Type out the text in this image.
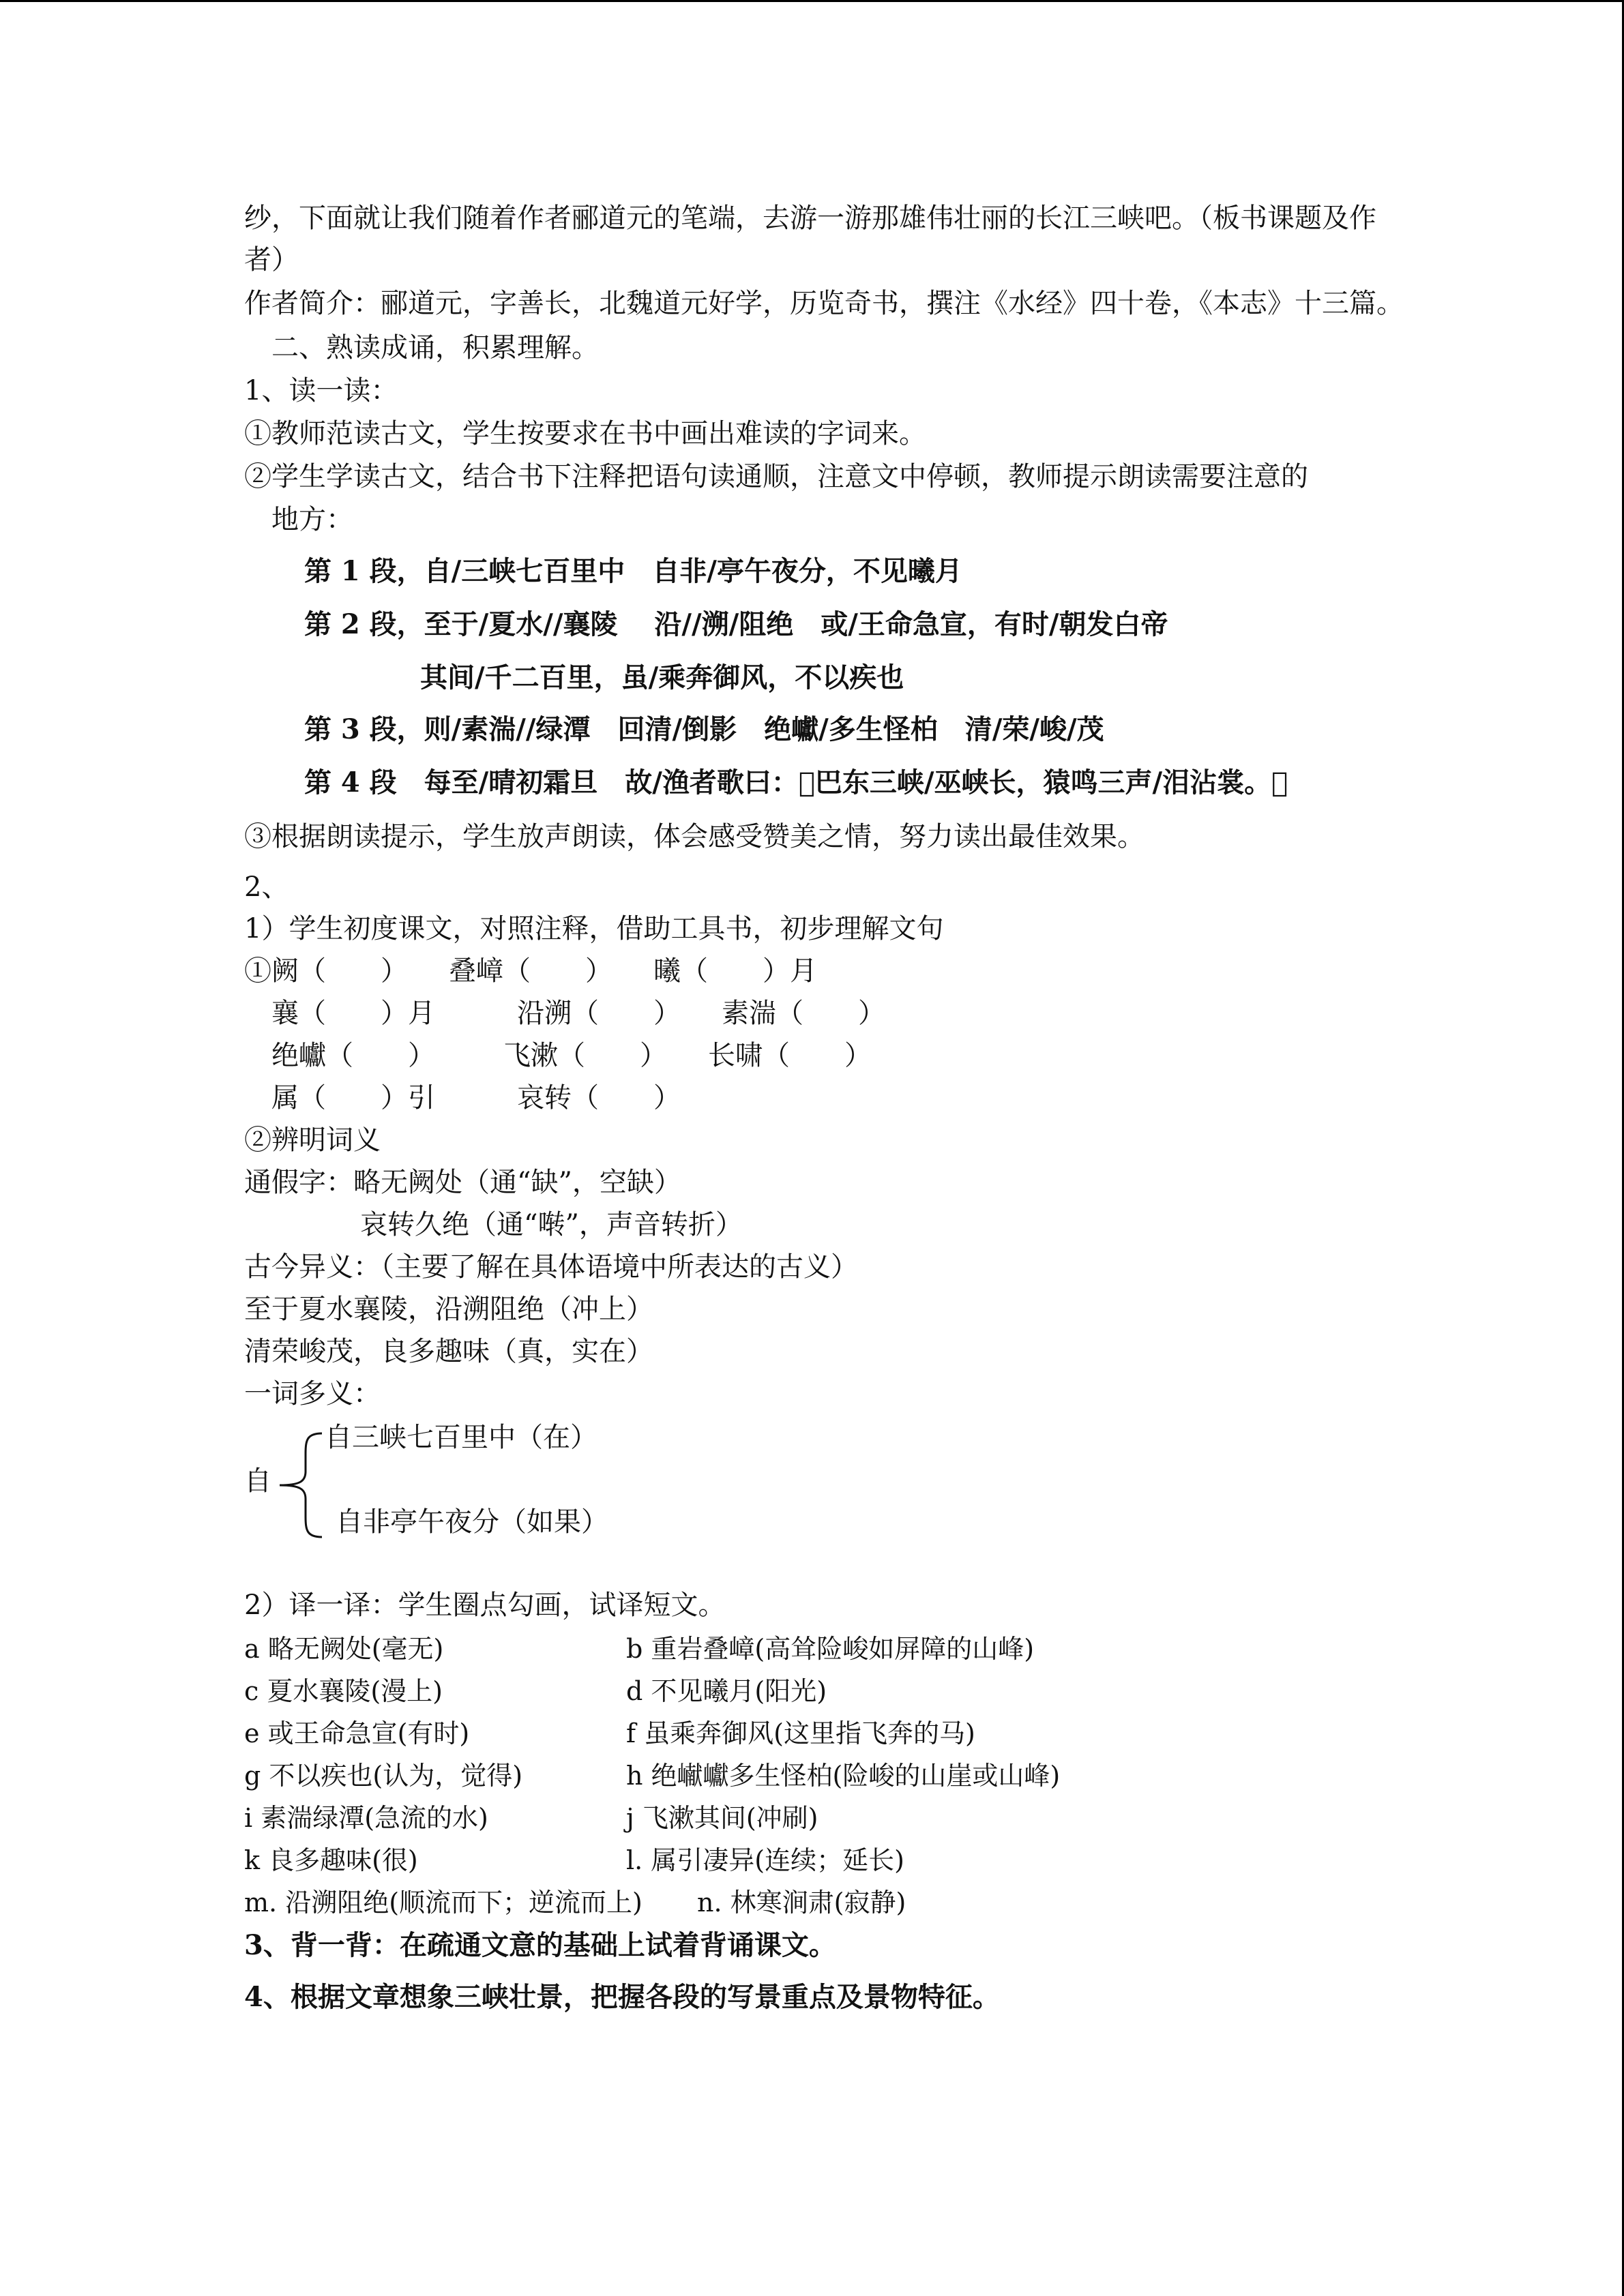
纱，下面就让我们随着作者郦道元的笔端，去游一游那雄伟壮丽的长江三峡吧。（板书课题及作
者）
作者简介：郦道元，字善长，北魏道元好学，历览奇书，撰注《水经》四十卷，《本志》十三篇。
二、熟读成诵，积累理解。
1、读一读：
①教师范读古文，学生按要求在书中画出难读的字词来。
②学生学读古文，结合书下注释把语句读通顺，注意文中停顿，教师提示朗读需要注意的
地方：
第 1 段，自/三峡七百里中　自非/亭午夜分，不见曦月
第 2 段，至于/夏水//襄陵　 沿//溯/阻绝　或/王命急宣，有时/朝发白帝
其间/千二百里，虽/乘奔御风，不以疾也
第 3 段，则/素湍//绿潭　回清/倒影　绝巘/多生怪柏　清/荣/峻/茂
第 4 段　每至/晴初霜旦　故/渔者歌曰： 巴东三峡/巫峡长，猿鸣三声/泪沾裳。 
③根据朗读提示，学生放声朗读，体会感受赞美之情，努力读出最佳效果。
2、
1）学生初度课文，对照注释，借助工具书，初步理解文句
①阙（　　）　　叠嶂（　　）　　曦（　　）月
襄（　　）月　　　沿溯（　　）　　素湍（　　）
绝巘（　　）　　　飞漱（　　）　　长啸（　　）
属（　　）引　　　哀转（　　）
②辨明词义
通假字：略无阙处（通“缺”，空缺）
哀转久绝（通“啭”，声音转折）
古今异义：（主要了解在具体语境中所表达的古义）
至于夏水襄陵，沿溯阻绝（冲上）
清荣峻茂，良多趣味（真，实在）
一词多义：
自三峡七百里中（在）
自
自非亭午夜分（如果）
2）译一译：学生圈点勾画，试译短文。
a 略无阙处(毫无)	b 重岩叠嶂(高耸险峻如屏障的山峰)
c 夏水襄陵(漫上)	d 不见曦月(阳光)
e 或王命急宣(有时)	f 虽乘奔御风(这里指飞奔的马)
g 不以疾也(认为，觉得)	h 绝𪩘巘多生怪柏(险峻的山崖或山峰)
i 素湍绿潭(急流的水)	j 飞漱其间(冲刷)
k 良多趣味(很)	l. 属引凄异(连续；延长)
m. 沿溯阻绝(顺流而下；逆流而上) n. 林寒涧肃(寂静)
3、背一背：在疏通文意的基础上试着背诵课文。
4、根据文章想象三峡壮景，把握各段的写景重点及景物特征。
